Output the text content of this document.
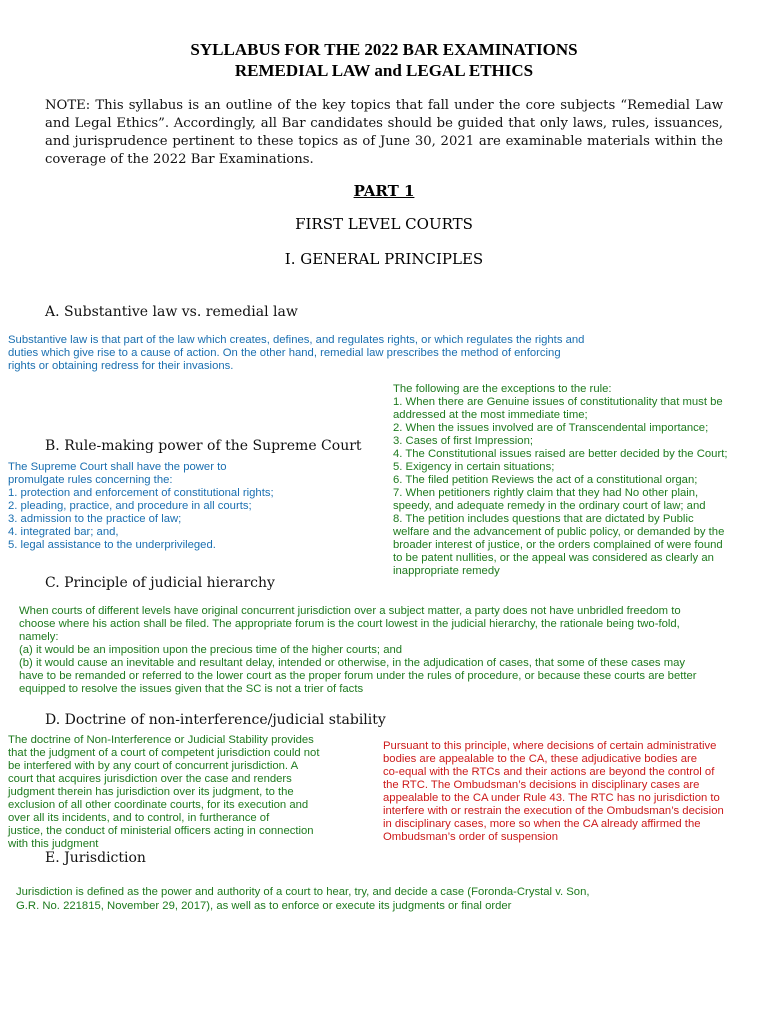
SYLLABUS FOR THE 2022 BAR EXAMINATIONS
REMEDIAL LAW and LEGAL ETHICS
NOTE: This syllabus is an outline of the key topics that fall under the core subjects “Remedial Law and Legal Ethics”. Accordingly, all Bar candidates should be guided that only laws, rules, issuances, and jurisprudence pertinent to these topics as of June 30, 2021 are examinable materials within the coverage of the 2022 Bar Examinations.
PART 1
FIRST LEVEL COURTS
I. GENERAL PRINCIPLES
A. Substantive law vs. remedial law
Substantive law is that part of the law which creates, defines, and regulates rights, or which regulates the rights and
duties which give rise to a cause of action. On the other hand, remedial law prescribes the method of enforcing
rights or obtaining redress for their invasions.
The following are the exceptions to the rule:
1. When there are Genuine issues of constitutionality that must be
addressed at the most immediate time;
2. When the issues involved are of Transcendental importance;
3. Cases of first Impression;
4. The Constitutional issues raised are better decided by the Court;
5. Exigency in certain situations;
6. The filed petition Reviews the act of a constitutional organ;
7. When petitioners rightly claim that they had No other plain,
speedy, and adequate remedy in the ordinary court of law; and
8. The petition includes questions that are dictated by Public
welfare and the advancement of public policy, or demanded by the
broader interest of justice, or the orders complained of were found
to be patent nullities, or the appeal was considered as clearly an
inappropriate remedy
B. Rule-making power of the Supreme Court
The Supreme Court shall have the power to
promulgate rules concerning the:
1. protection and enforcement of constitutional rights;
2. pleading, practice, and procedure in all courts;
3. admission to the practice of law;
4. integrated bar; and,
5. legal assistance to the underprivileged.
C. Principle of judicial hierarchy
When courts of different levels have original concurrent jurisdiction over a subject matter, a party does not have unbridled freedom to
choose where his action shall be filed. The appropriate forum is the court lowest in the judicial hierarchy, the rationale being two-fold,
namely:
(a) it would be an imposition upon the precious time of the higher courts; and
(b) it would cause an inevitable and resultant delay, intended or otherwise, in the adjudication of cases, that some of these cases may
have to be remanded or referred to the lower court as the proper forum under the rules of procedure, or because these courts are better
equipped to resolve the issues given that the SC is not a trier of facts
D. Doctrine of non-interference/judicial stability
The doctrine of Non-Interference or Judicial Stability provides
that the judgment of a court of competent jurisdiction could not
be interfered with by any court of concurrent jurisdiction. A
court that acquires jurisdiction over the case and renders
judgment therein has jurisdiction over its judgment, to the
exclusion of all other coordinate courts, for its execution and
over all its incidents, and to control, in furtherance of
justice, the conduct of ministerial officers acting in connection
with this judgment
Pursuant to this principle, where decisions of certain administrative
bodies are appealable to the CA, these adjudicative bodies are
co-equal with the RTCs and their actions are beyond the control of
the RTC. The Ombudsman’s decisions in disciplinary cases are
appealable to the CA under Rule 43. The RTC has no jurisdiction to
interfere with or restrain the execution of the Ombudsman’s decision
in disciplinary cases, more so when the CA already affirmed the
Ombudsman’s order of suspension
E. Jurisdiction
Jurisdiction is defined as the power and authority of a court to hear, try, and decide a case (Foronda-Crystal v. Son,
G.R. No. 221815, November 29, 2017), as well as to enforce or execute its judgments or final order
